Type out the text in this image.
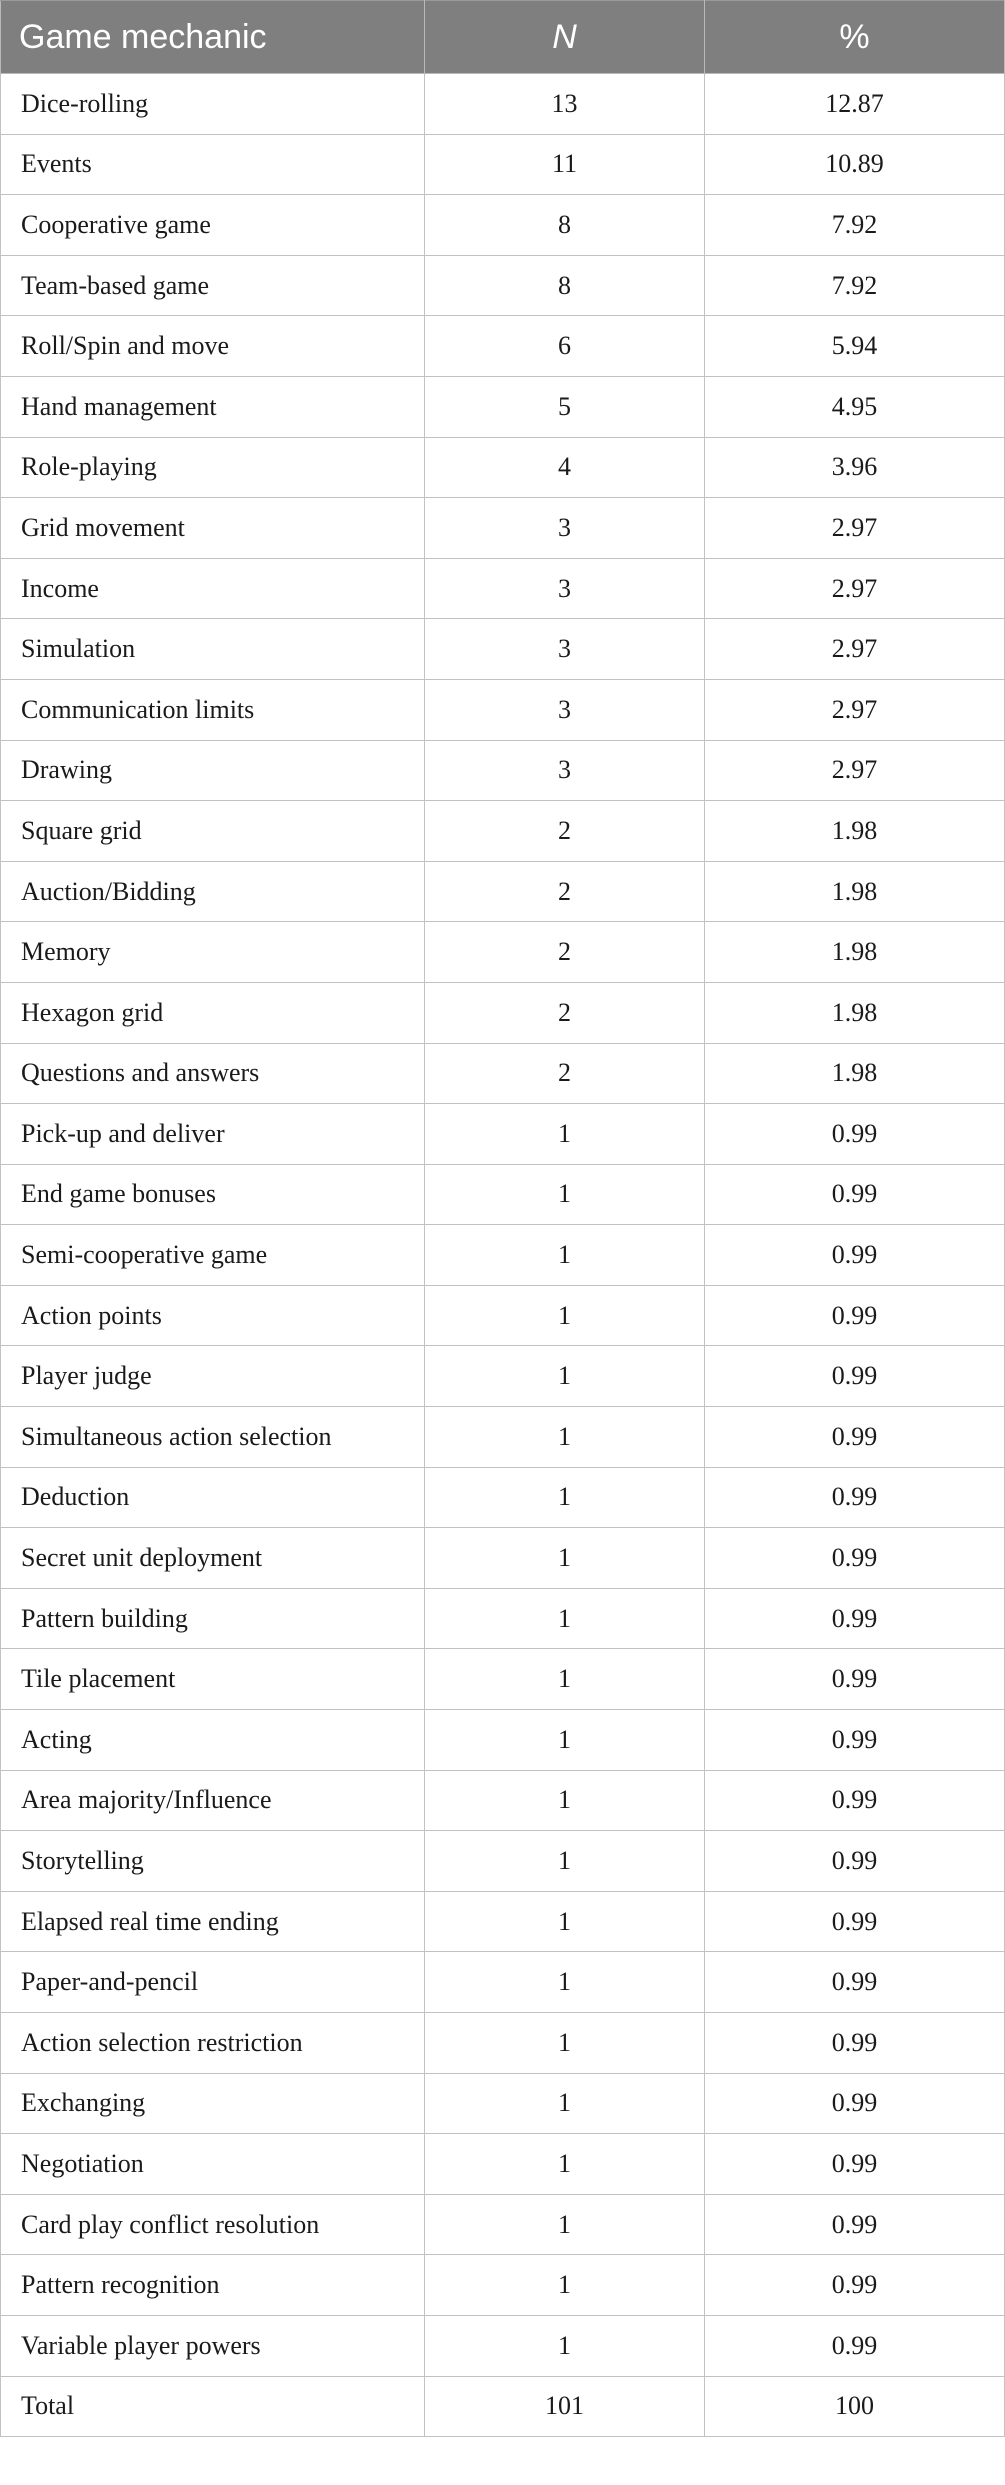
Game mechanic	N	%
Dice-rolling	13	12.87
Events	11	10.89
Cooperative game	8	7.92
Team-based game	8	7.92
Roll/Spin and move	6	5.94
Hand management	5	4.95
Role-playing	4	3.96
Grid movement	3	2.97
Income	3	2.97
Simulation	3	2.97
Communication limits	3	2.97
Drawing	3	2.97
Square grid	2	1.98
Auction/Bidding	2	1.98
Memory	2	1.98
Hexagon grid	2	1.98
Questions and answers	2	1.98
Pick-up and deliver	1	0.99
End game bonuses	1	0.99
Semi-cooperative game	1	0.99
Action points	1	0.99
Player judge	1	0.99
Simultaneous action selection	1	0.99
Deduction	1	0.99
Secret unit deployment	1	0.99
Pattern building	1	0.99
Tile placement	1	0.99
Acting	1	0.99
Area majority/Influence	1	0.99
Storytelling	1	0.99
Elapsed real time ending	1	0.99
Paper-and-pencil	1	0.99
Action selection restriction	1	0.99
Exchanging	1	0.99
Negotiation	1	0.99
Card play conflict resolution	1	0.99
Pattern recognition	1	0.99
Variable player powers	1	0.99
Total	101	100
